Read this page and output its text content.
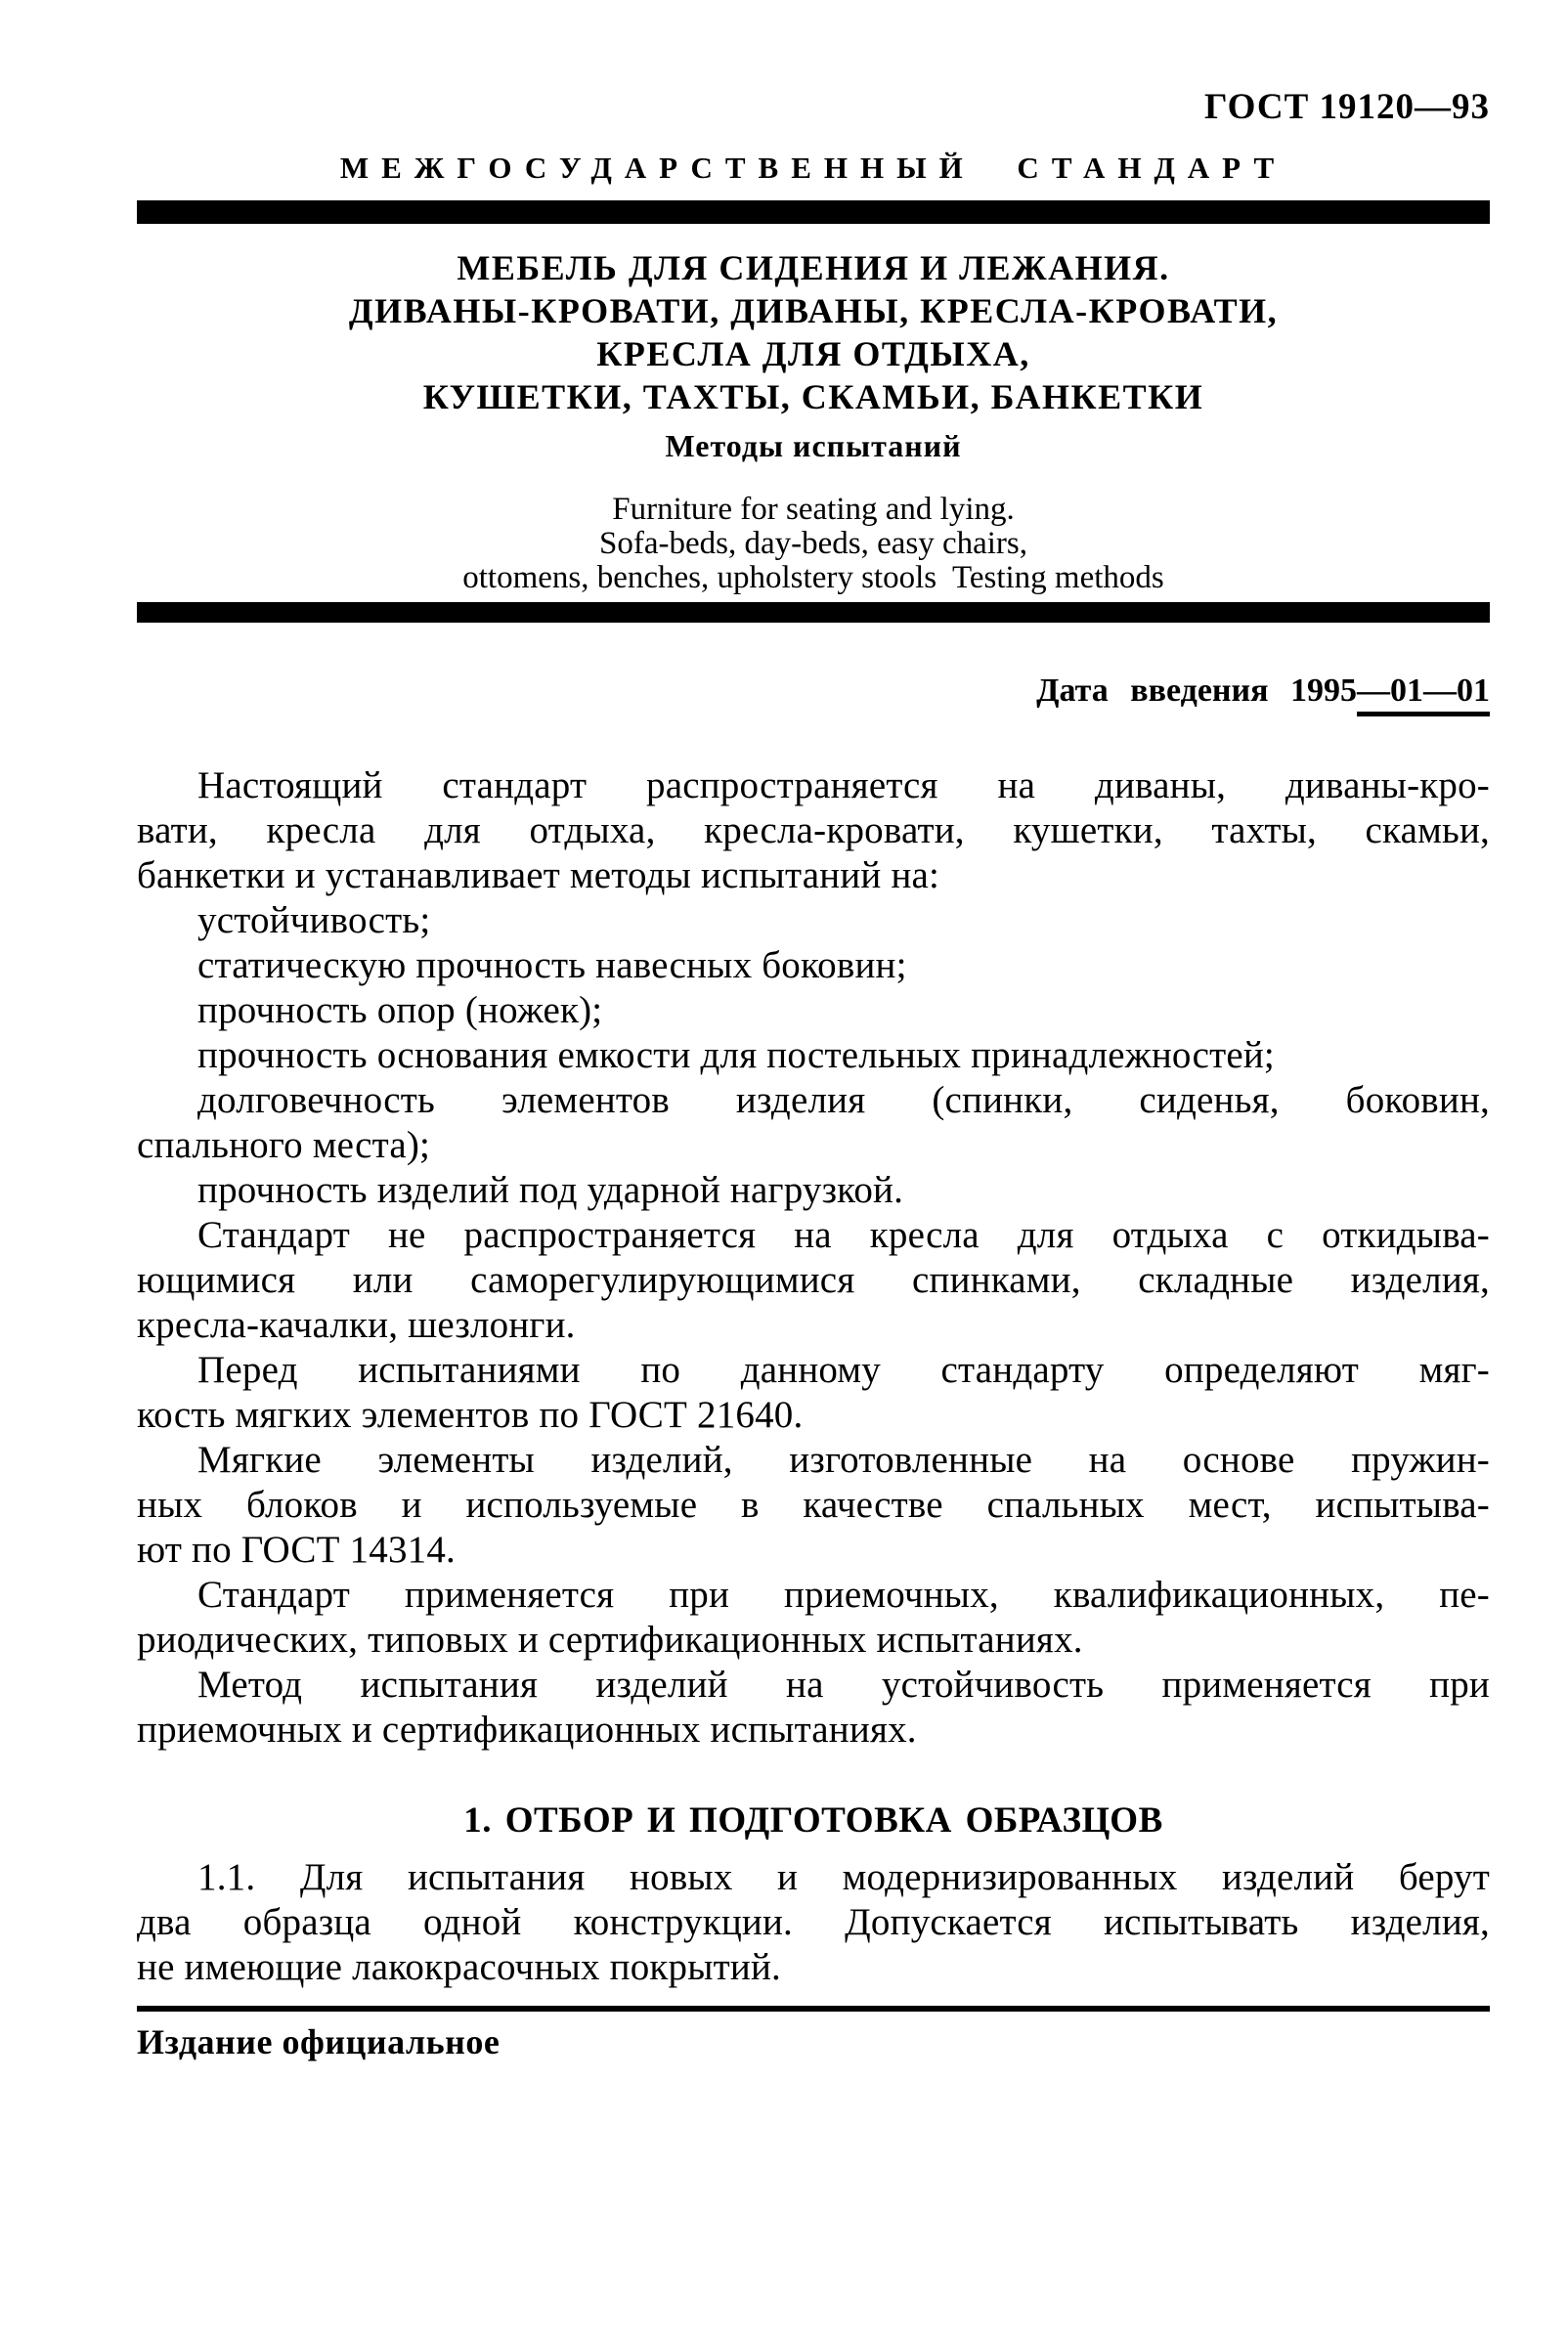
ГОСТ 19120—93
МЕЖГОСУДАРСТВЕННЫЙ СТАНДАРТ
МЕБЕЛЬ ДЛЯ СИДЕНИЯ И ЛЕЖАНИЯ.
ДИВАНЫ-КРОВАТИ, ДИВАНЫ, КРЕСЛА-КРОВАТИ,
КРЕСЛА ДЛЯ ОТДЫХА,
КУШЕТКИ, ТАХТЫ, СКАМЬИ, БАНКЕТКИ
Методы испытаний
Furniture for seating and lying.
Sofa-beds, day-beds, easy chairs,
ottomens, benches, upholstery stools  Testing methods
Дата введения 1995—01—01
Настоящий стандарт распространяется на диваны, диваны-кро-
вати, кресла для отдыха, кресла-кровати, кушетки, тахты, скамьи,
банкетки и устанавливает методы испытаний на:
устойчивость;
статическую прочность навесных боковин;
прочность опор (ножек);
прочность основания емкости для постельных принадлежностей;
долговечность элементов изделия (спинки, сиденья, боковин,
спального места);
прочность изделий под ударной нагрузкой.
Стандарт не распространяется на кресла для отдыха с откидыва-
ющимися или саморегулирующимися спинками, складные изделия,
кресла-качалки, шезлонги.
Перед испытаниями по данному стандарту определяют мяг-
кость мягких элементов по ГОСТ 21640.
Мягкие элементы изделий, изготовленные на основе пружин-
ных блоков и используемые в качестве спальных мест, испытыва-
ют по ГОСТ 14314.
Стандарт применяется при приемочных, квалификационных, пе-
риодических, типовых и сертификационных испытаниях.
Метод испытания изделий на устойчивость применяется при
приемочных и сертификационных испытаниях.
1. ОТБОР И ПОДГОТОВКА ОБРАЗЦОВ
1.1. Для испытания новых и модернизированных изделий берут
два образца одной конструкции. Допускается испытывать изделия,
не имеющие лакокрасочных покрытий.
Издание официальное
